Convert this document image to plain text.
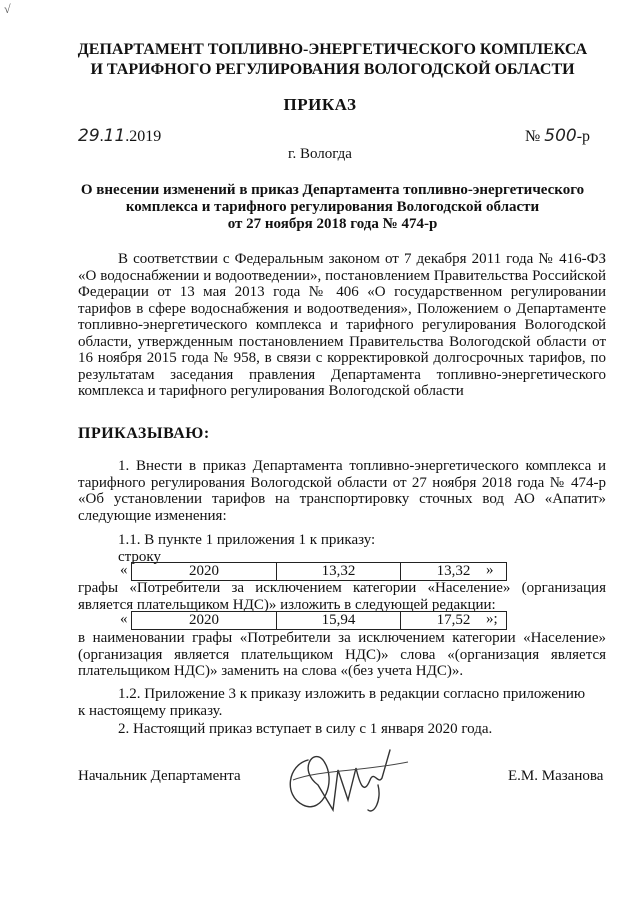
√
ДЕПАРТАМЕНТ ТОПЛИВНО-ЭНЕРГЕТИЧЕСКОГО КОМПЛЕКСА
И ТАРИФНОГО РЕГУЛИРОВАНИЯ ВОЛОГОДСКОЙ ОБЛАСТИ
ПРИКАЗ
29.11.2019	№ 500-р
г. Вологда
О внесении изменений в приказ Департамента топливно-энергетического
комплекса и тарифного регулирования Вологодской области
от 27 ноября 2018 года № 474-р
В соответствии с Федеральным законом от 7 декабря 2011 года № 416-ФЗ «О водоснабжении и водоотведении», постановлением Правительства Российской Федерации от 13 мая 2013 года № 406 «О государственном регулировании тарифов в сфере водоснабжения и водоотведения», Положением о Департаменте топливно-энергетического комплекса и тарифного регулирования Вологодской области, утвержденным постановлением Правительства Вологодской области от 16 ноября 2015 года № 958, в связи с корректировкой долгосрочных тарифов, по результатам заседания правления Департамента топливно-энергетического комплекса и тарифного регулирования Вологодской области
ПРИКАЗЫВАЮ:
1. Внести в приказ Департамента топливно-энергетического комплекса и тарифного регулирования Вологодской области от 27 ноября 2018 года № 474-р «Об установлении тарифов на транспортировку сточных вод АО «Апатит» следующие изменения:
1.1. В пункте 1 приложения 1 к приказу:
строку
«	2020	13,32	13,32 »
графы «Потребители за исключением категории «Население» (организация является плательщиком НДС)» изложить в следующей редакции:
«	2020	15,94	17,52 »;
в наименовании графы «Потребители за исключением категории «Население» (организация является плательщиком НДС)» слова «(организация является плательщиком НДС)» заменить на слова «(без учета НДС)».
1.2. Приложение 3 к приказу изложить в редакции согласно приложению
к настоящему приказу.
2. Настоящий приказ вступает в силу с 1 января 2020 года.
Начальник Департамента	Е.М. Мазанова
